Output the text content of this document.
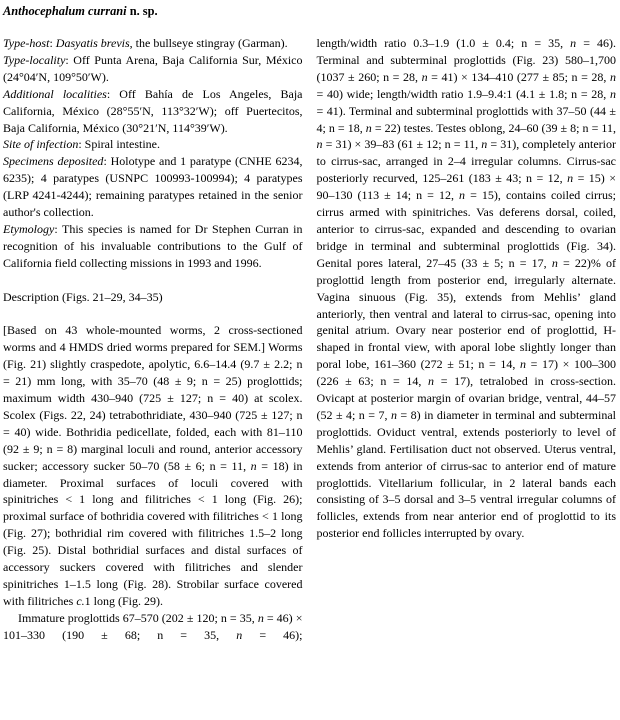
Anthocephalum currani n. sp.

Type-host: Dasyatis brevis, the bullseye stingray (Garman).

Type-locality: Off Punta Arena, Baja California Sur, México (24°04′N, 109°50′W).

Additional localities: Off Bahía de Los Angeles, Baja California, México (28°55′N, 113°32′W); off Puertecitos, Baja California, México (30°21′N, 114°39′W).

Site of infection: Spiral intestine.

Specimens deposited: Holotype and 1 paratype (CNHE 6234, 6235); 4 paratypes (USNPC 100993-100994); 4 paratypes (LRP 4241-4244); remaining paratypes retained in the senior author's collection.

Etymology: This species is named for Dr Stephen Curran in recognition of his invaluable contributions to the Gulf of California field collecting missions in 1993 and 1996.

Description (Figs. 21–29, 34–35)

[Based on 43 whole-mounted worms, 2 cross-sectioned worms and 4 HMDS dried worms prepared for SEM.] Worms (Fig. 21) slightly craspedote, apolytic, 6.6–14.4 (9.7 ± 2.2; n = 21) mm long, with 35–70 (48 ± 9; n = 25) proglottids; maximum width 430–940 (725 ± 127; n = 40) at scolex. Scolex (Figs. 22, 24) tetrabothridiate, 430–940 (725 ± 127; n = 40) wide. Bothridia pedicellate, folded, each with 81–110 (92 ± 9; n = 8) marginal loculi and round, anterior accessory sucker; accessory sucker 50–70 (58 ± 6; n = 11, n = 18) in diameter. Proximal surfaces of loculi covered with spinitriches < 1 long and filitriches < 1 long (Fig. 26); proximal surface of bothridia covered with filitriches < 1 long (Fig. 27); bothridial rim covered with filitriches 1.5–2 long (Fig. 25). Distal bothridial surfaces and distal surfaces of accessory suckers covered with filitriches and slender spinitriches 1–1.5 long (Fig. 28). Strobilar surface covered with filitriches c.1 long (Fig. 29).

Immature proglottids 67–570 (202 ± 120; n = 35, n = 46) × 101–330 (190 ± 68; n = 35, n = 46);

length/width ratio 0.3–1.9 (1.0 ± 0.4; n = 35, n = 46). Terminal and subterminal proglottids (Fig. 23) 580–1,700 (1037 ± 260; n = 28, n = 41) × 134–410 (277 ± 85; n = 28, n = 40) wide; length/width ratio 1.9–9.4:1 (4.1 ± 1.8; n = 28, n = 41). Terminal and subterminal proglottids with 37–50 (44 ± 4; n = 18, n = 22) testes. Testes oblong, 24–60 (39 ± 8; n = 11, n = 31) × 39–83 (61 ± 12; n = 11, n = 31), completely anterior to cirrus-sac, arranged in 2–4 irregular columns. Cirrus-sac posteriorly recurved, 125–261 (183 ± 43; n = 12, n = 15) × 90–130 (113 ± 14; n = 12, n = 15), contains coiled cirrus; cirrus armed with spinitriches. Vas deferens dorsal, coiled, anterior to cirrus-sac, expanded and descending to ovarian bridge in terminal and subterminal proglottids (Fig. 34). Genital pores lateral, 27–45 (33 ± 5; n = 17, n = 22)% of proglottid length from posterior end, irregularly alternate. Vagina sinuous (Fig. 35), extends from Mehlis’ gland anteriorly, then ventral and lateral to cirrus-sac, opening into genital atrium. Ovary near posterior end of proglottid, H-shaped in frontal view, with aporal lobe slightly longer than poral lobe, 161–360 (272 ± 51; n = 14, n = 17) × 100–300 (226 ± 63; n = 14, n = 17), tetralobed in cross-section. Ovicapt at posterior margin of ovarian bridge, ventral, 44–57 (52 ± 4; n = 7, n = 8) in diameter in terminal and subterminal proglottids. Oviduct ventral, extends posteriorly to level of Mehlis’ gland. Fertilisation duct not observed. Uterus ventral, extends from anterior of cirrus-sac to anterior end of mature proglottids. Vitellarium follicular, in 2 lateral bands each consisting of 3–5 dorsal and 3–5 ventral irregular columns of follicles, extends from near anterior end of proglottid to its posterior end follicles interrupted by ovary.
